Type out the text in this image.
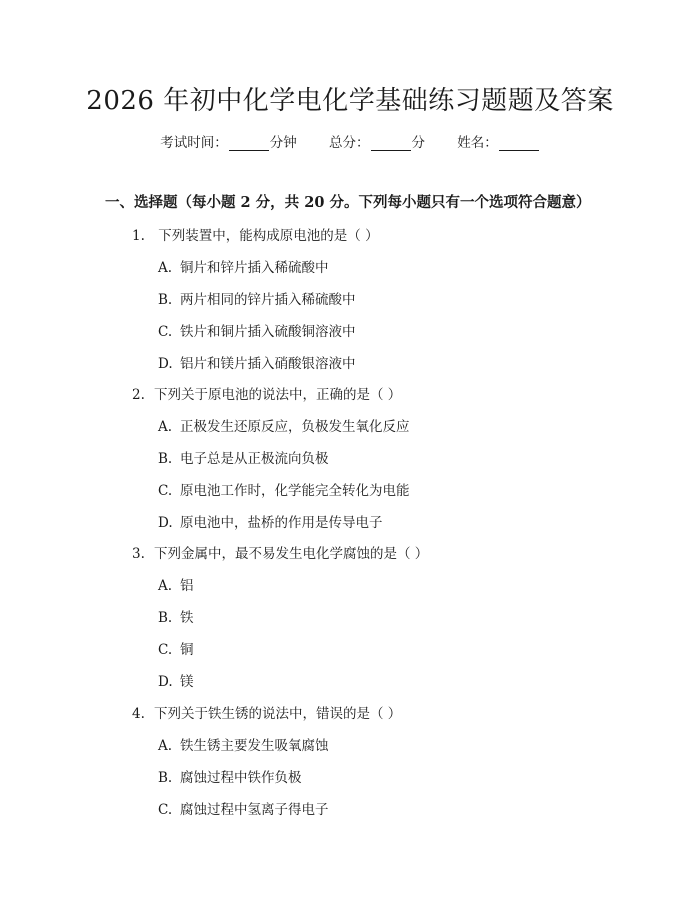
2026 年初中化学电化学基础练习题题及答案
考试时间：	分钟 总分：	分 姓名：
一、选择题（每小题 2 分，共 20 分。下列每小题只有一个选项符合题意）
1. 下列装置中，能构成原电池的是（ ）
A. 铜片和锌片插入稀硫酸中
B. 两片相同的锌片插入稀硫酸中
C. 铁片和铜片插入硫酸铜溶液中
D. 铝片和镁片插入硝酸银溶液中
2. 下列关于原电池的说法中，正确的是（ ）
A. 正极发生还原反应，负极发生氧化反应
B. 电子总是从正极流向负极
C. 原电池工作时，化学能完全转化为电能
D. 原电池中，盐桥的作用是传导电子
3. 下列金属中，最不易发生电化学腐蚀的是（ ）
A. 铝
B. 铁
C. 铜
D. 镁
4. 下列关于铁生锈的说法中，错误的是（ ）
A. 铁生锈主要发生吸氧腐蚀
B. 腐蚀过程中铁作负极
C. 腐蚀过程中氢离子得电子
